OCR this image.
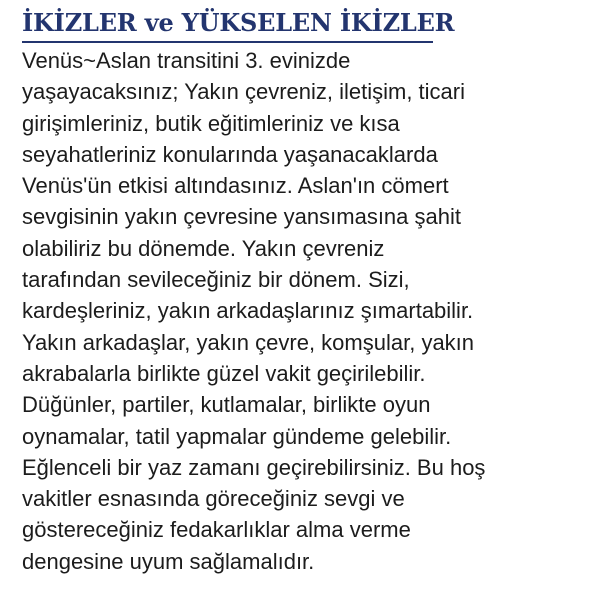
İKİZLER ve YÜKSELEN İKİZLER
Venüs~Aslan transitini 3. evinizde
yaşayacaksınız; Yakın çevreniz, iletişim, ticari
girişimleriniz, butik eğitimleriniz ve kısa
seyahatleriniz konularında yaşanacaklarda
Venüs'ün etkisi altındasınız. Aslan'ın cömert
sevgisinin yakın çevresine yansımasına şahit
olabiliriz bu dönemde. Yakın çevreniz
tarafından sevileceğiniz bir dönem. Sizi,
kardeşleriniz, yakın arkadaşlarınız şımartabilir.
Yakın arkadaşlar, yakın çevre, komşular, yakın
akrabalarla birlikte güzel vakit geçirilebilir.
Düğünler, partiler, kutlamalar, birlikte oyun
oynamalar, tatil yapmalar gündeme gelebilir.
Eğlenceli bir yaz zamanı geçirebilirsiniz. Bu hoş
vakitler esnasında göreceğiniz sevgi ve
göstereceğiniz fedakarlıklar alma verme
dengesine uyum sağlamalıdır.
